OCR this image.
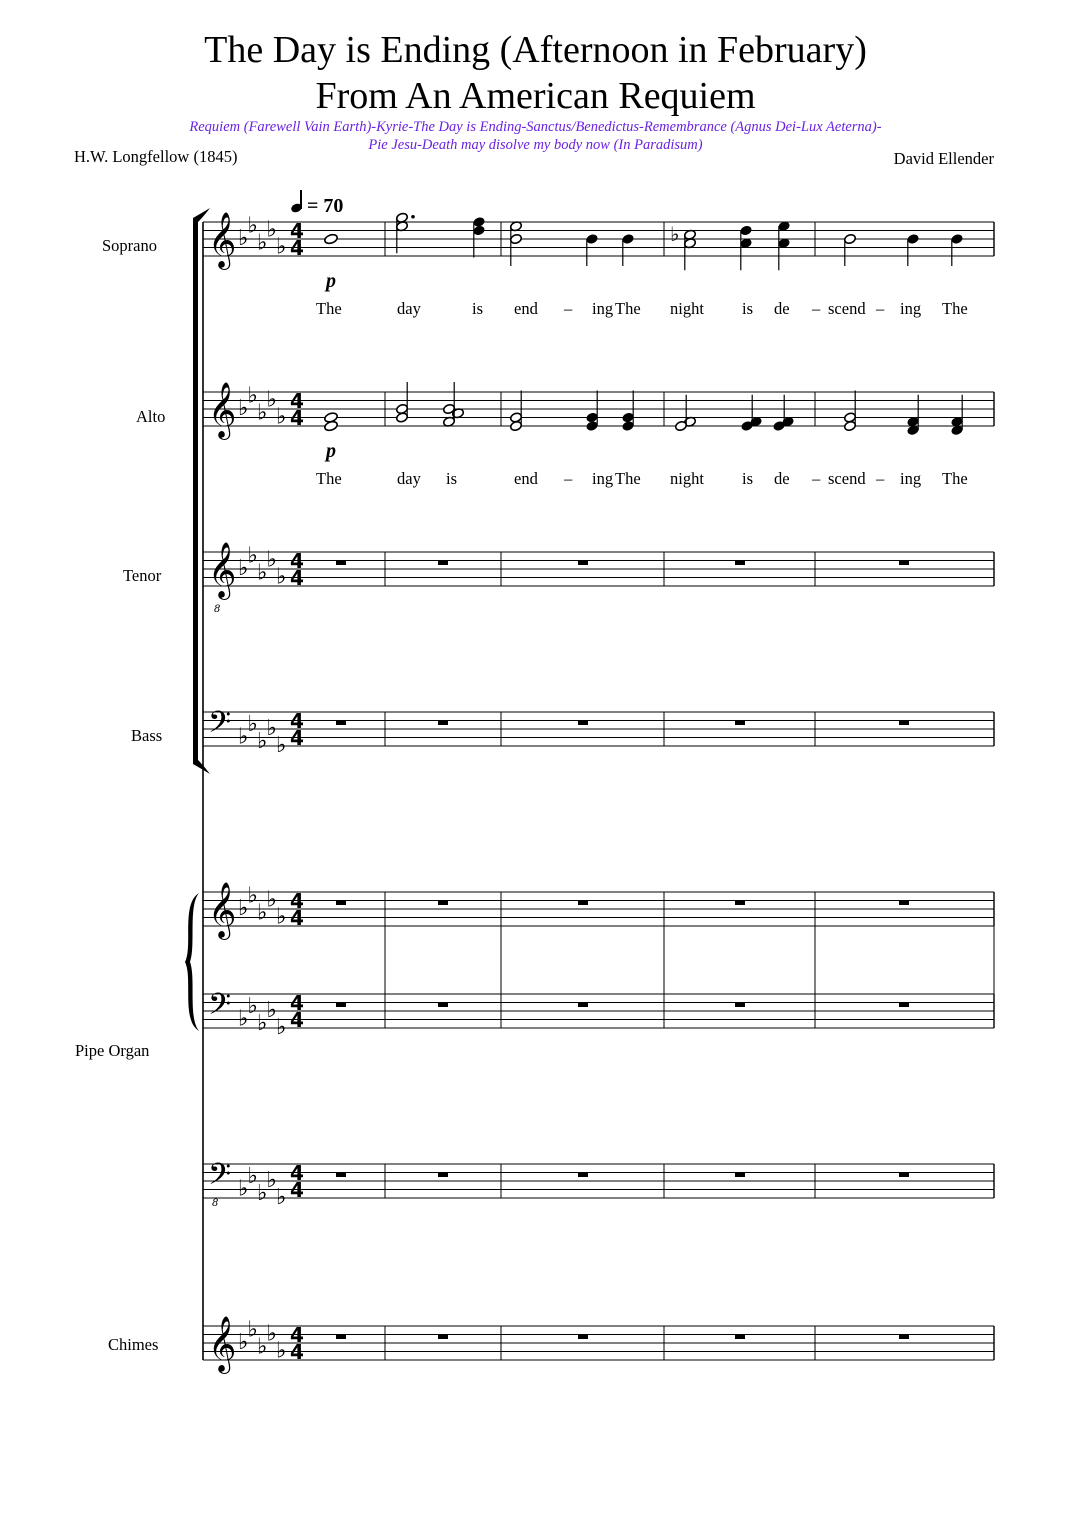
The Day is Ending (Afternoon in February)
From An American Requiem
Requiem (Farewell Vain Earth)-Kyrie-The Day is Ending-Sanctus/Benedictus-Remembrance (Agnus Dei-Lux Aeterna)-
Pie Jesu-Death may disolve my body now (In Paradisum)
H.W. Longfellow (1845)	David Ellender
= 70
Soprano
Alto
Tenor
Bass
Pipe Organ
Chimes
p
p
The	day	is end – ing The night is de – scend – ing The
The	day is	end – ing The night is de – scend – ing The
𝄞 ♭
♭
♭
♭
♭
4
4
𝄞 ♭
♭
♭
♭
♭
4
4
𝄞
8
♭
♭
♭
♭
♭
4
4
𝄢 ♭
♭
♭
♭
♭
4
4
𝄞 ♭
♭
♭
♭
♭
4
4
𝄢 ♭
♭
♭
♭
♭
4
4
𝄢
8
♭
♭
♭
♭
♭
4
4
𝄞 ♭
♭
♭
♭
♭
4
4
♭
